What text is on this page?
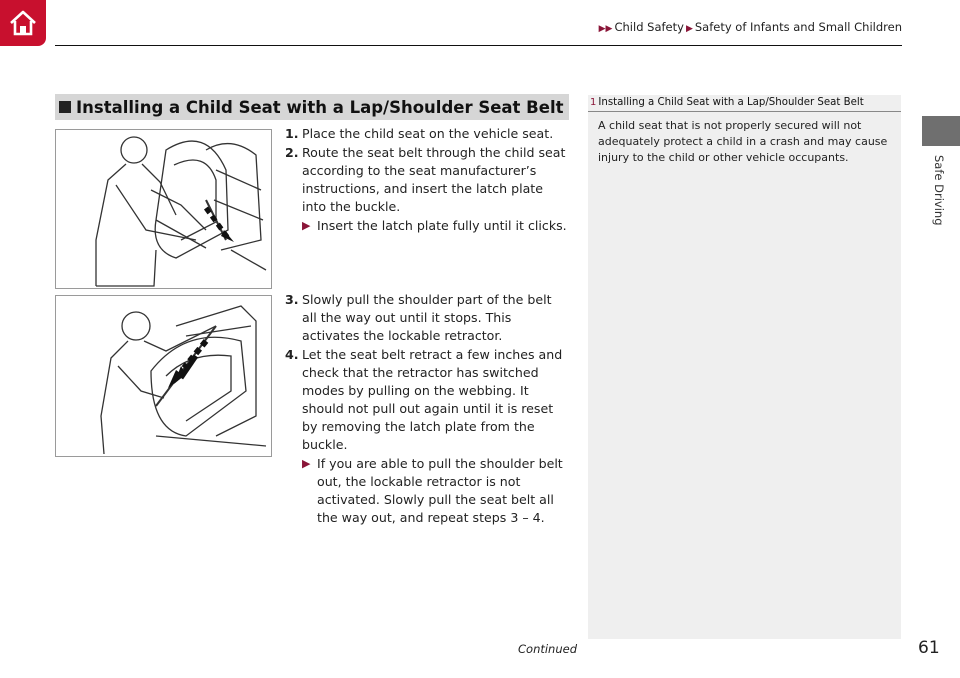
▶▶ Child Safety ▶ Safety of Infants and Small Children
Safe Driving
Installing a Child Seat with a Lap/Shoulder Seat Belt
1. Place the child seat on the vehicle seat.
2. Route the seat belt through the child seat according to the seat manufacturer’s instructions, and insert the latch plate into the buckle.
▶ Insert the latch plate fully until it clicks.
3. Slowly pull the shoulder part of the belt all the way out until it stops. This activates the lockable retractor.
4. Let the seat belt retract a few inches and check that the retractor has switched modes by pulling on the webbing. It should not pull out again until it is reset by removing the latch plate from the buckle.
▶ If you are able to pull the shoulder belt out, the lockable retractor is not activated. Slowly pull the seat belt all the way out, and repeat steps 3 – 4.
1 Installing a Child Seat with a Lap/Shoulder Seat Belt
A child seat that is not properly secured will not adequately protect a child in a crash and may cause injury to the child or other vehicle occupants.
Continued	61
